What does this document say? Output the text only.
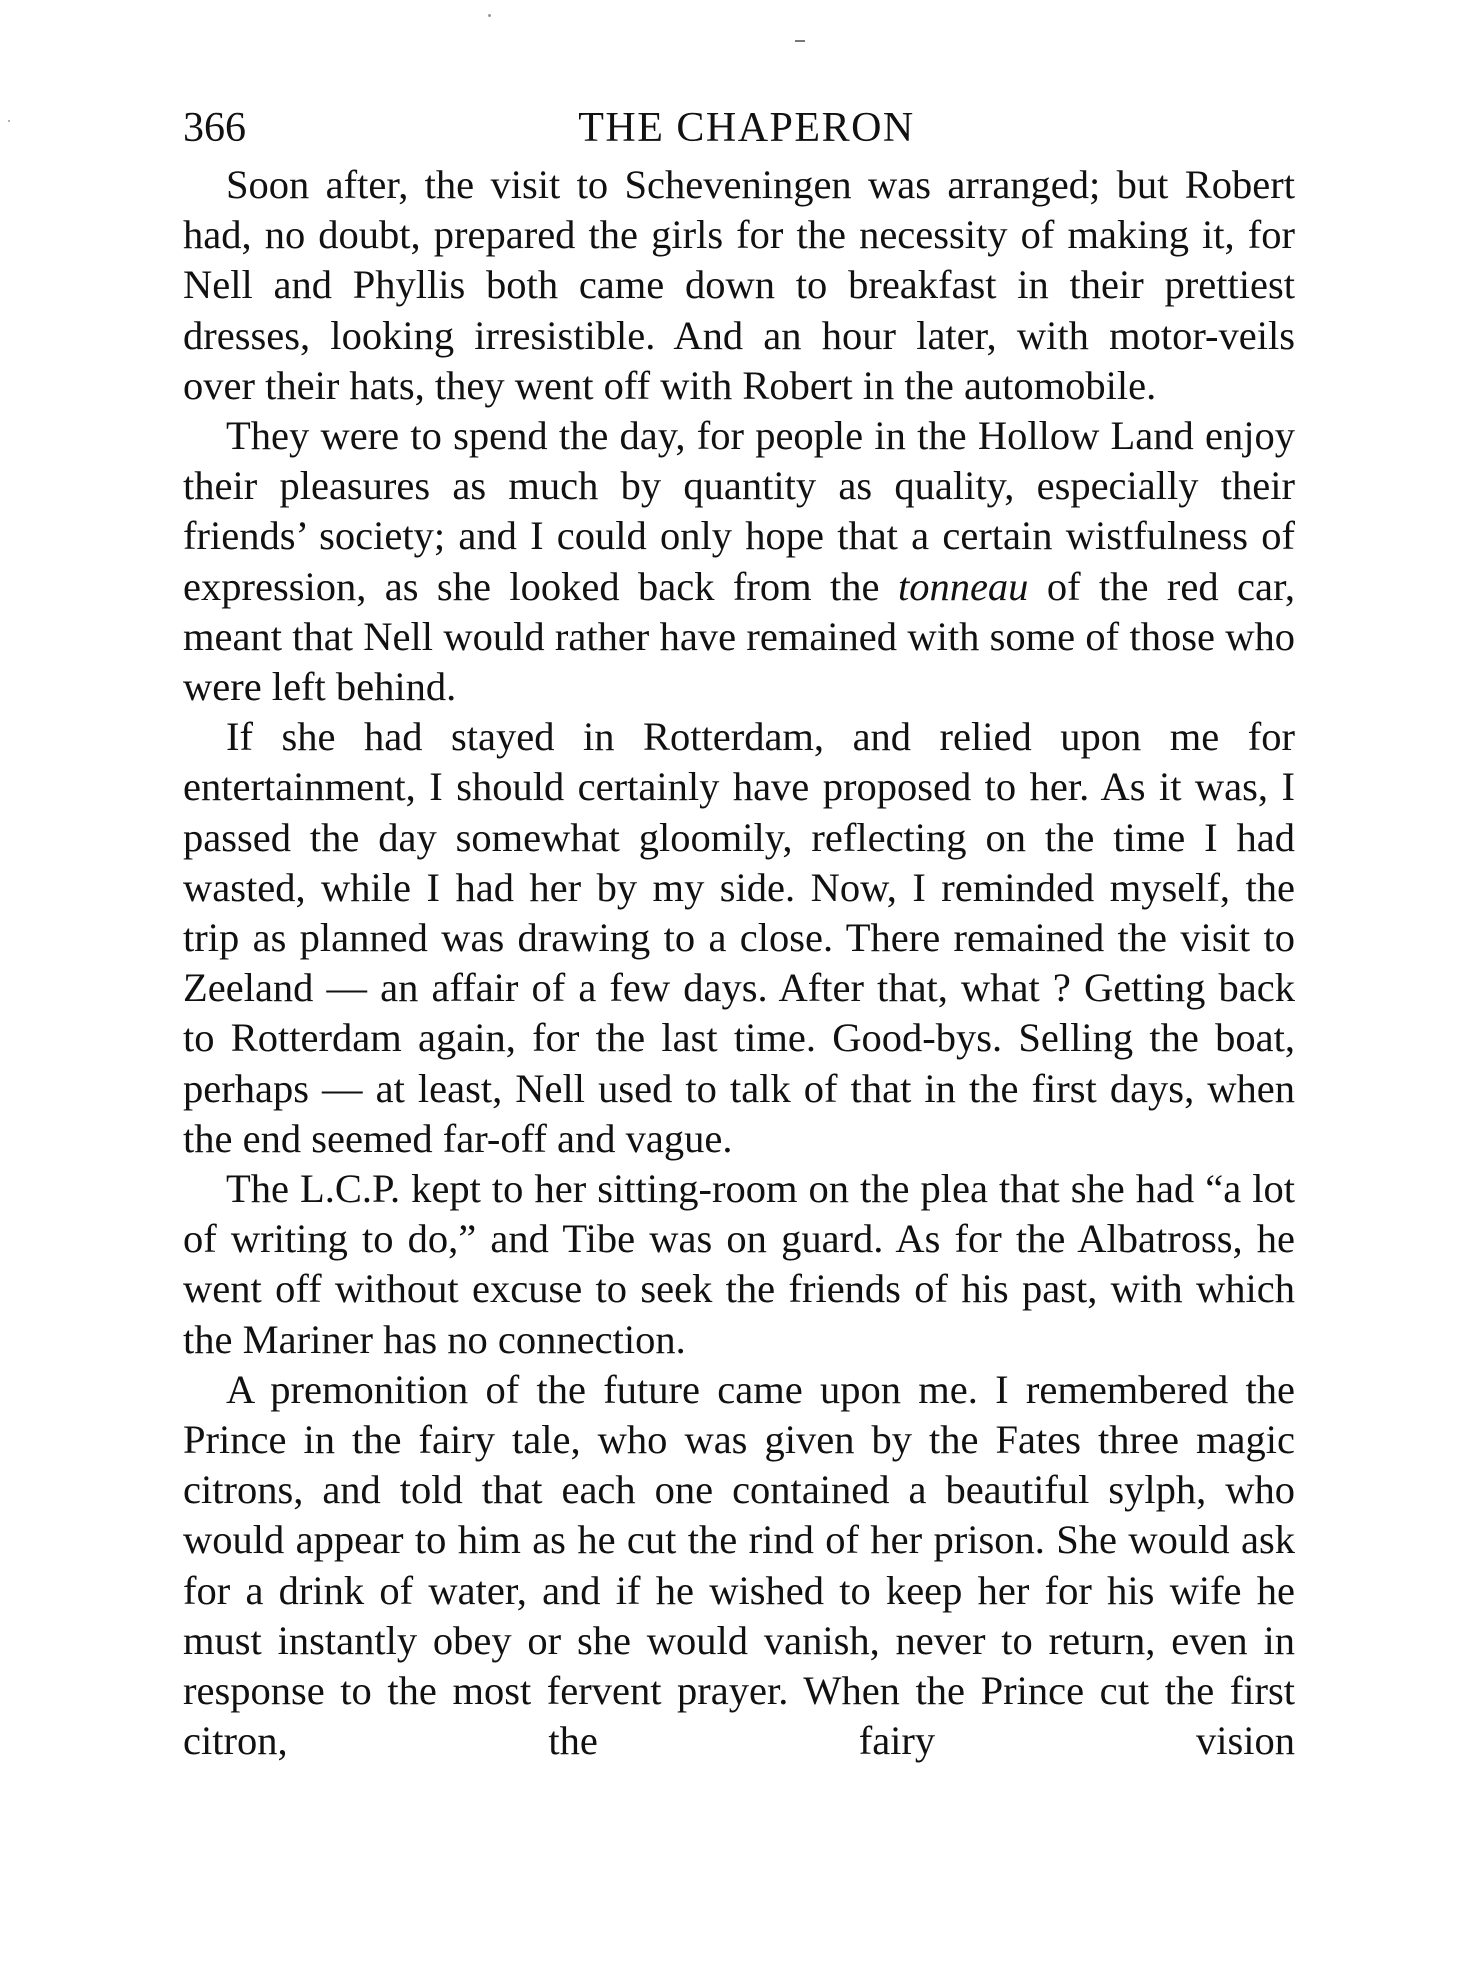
366	THE CHAPERON

Soon after, the visit to Scheveningen was arranged; but Robert had, no doubt, prepared the girls for the necessity of making it, for Nell and Phyllis both came down to breakfast in their prettiest dresses, looking irresistible. And an hour later, with motor-veils over their hats, they went off with Robert in the automobile.

They were to spend the day, for people in the Hollow Land enjoy their pleasures as much by quantity as quality, especially their friends’ society; and I could only hope that a certain wistfulness of expression, as she looked back from the tonneau of the red car, meant that Nell would rather have remained with some of those who were left behind.

If she had stayed in Rotterdam, and relied upon me for entertainment, I should certainly have proposed to her. As it was, I passed the day somewhat gloomily, reflecting on the time I had wasted, while I had her by my side. Now, I reminded myself, the trip as planned was drawing to a close. There remained the visit to Zeeland — an affair of a few days. After that, what ? Getting back to Rotterdam again, for the last time. Good-bys. Selling the boat, perhaps — at least, Nell used to talk of that in the first days, when the end seemed far-off and vague.

The L.C.P. kept to her sitting-room on the plea that she had “a lot of writing to do,” and Tibe was on guard. As for the Albatross, he went off without excuse to seek the friends of his past, with which the Mariner has no connection.

A premonition of the future came upon me. I remembered the Prince in the fairy tale, who was given by the Fates three magic citrons, and told that each one contained a beautiful sylph, who would appear to him as he cut the rind of her prison. She would ask for a drink of water, and if he wished to keep her for his wife he must instantly obey or she would vanish, never to return, even in response to the most fervent prayer. When the Prince cut the first citron, the fairy vision
